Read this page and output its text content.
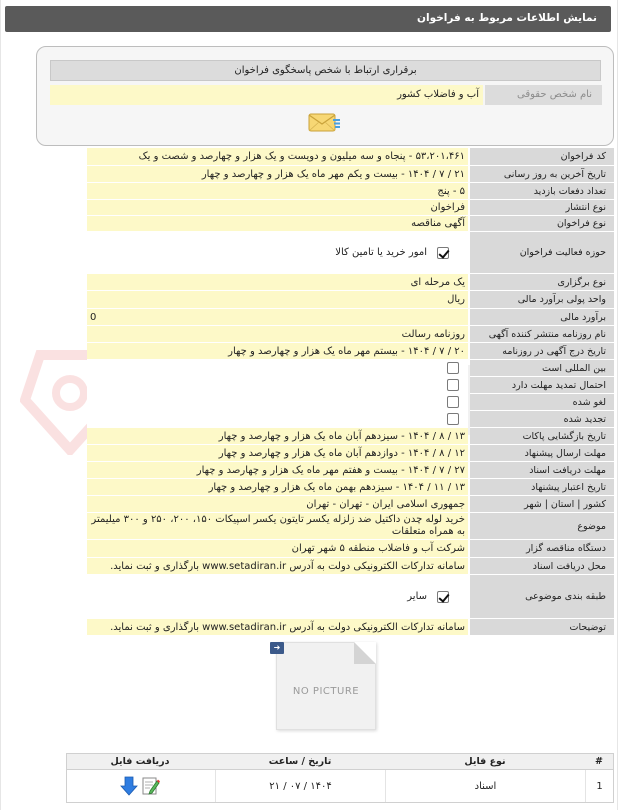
نمایش اطلاعات مربوط به فراخوان
برقراری ارتباط با شخص پاسخگوی فراخوان
نام شخص حقوقی
آب و فاضلاب کشور
کد فراخوان
۵۳،۲۰۱،۴۶۱ - پنجاه و سه میلیون و دویست و یک هزار و چهارصد و شصت و یک
تاریخ آخرین به روز رسانی
۲۱ / ۷ / ۱۴۰۴ - بیست و یکم مهر ماه یک هزار و چهارصد و چهار
تعداد دفعات بازدید
۵ - پنج
نوع انتشار
فراخوان
نوع فراخوان
آگهی مناقصه
حوزه فعالیت فراخوان
امور خرید یا تامین کالا
نوع برگزاری
یک مرحله ای
واحد پولی برآورد مالی
ریال
برآورد مالی
0
نام روزنامه منتشر کننده آگهی
روزنامه رسالت
تاریخ درج آگهی در روزنامه
۲۰ / ۷ / ۱۴۰۴ - بیستم مهر ماه یک هزار و چهارصد و چهار
بین المللی است
احتمال تمدید مهلت دارد
لغو شده
تجدید شده
تاریخ بازگشایی پاکات
۱۳ / ۸ / ۱۴۰۴ - سیزدهم آبان ماه یک هزار و چهارصد و چهار
مهلت ارسال پیشنهاد
۱۲ / ۸ / ۱۴۰۴ - دوازدهم آبان ماه یک هزار و چهارصد و چهار
مهلت دریافت اسناد
۲۷ / ۷ / ۱۴۰۴ - بیست و هفتم مهر ماه یک هزار و چهارصد و چهار
تاریخ اعتبار پیشنهاد
۱۳ / ۱۱ / ۱۴۰۴ - سیزدهم بهمن ماه یک هزار و چهارصد و چهار
کشور | استان | شهر
جمهوری اسلامی ایران - تهران - تهران
موضوع
خرید لوله چدن داکتیل ضد زلزله یکسر تایتون یکسر اسپیکات ۱۵۰، ۲۰۰، ۲۵۰ و ۳۰۰ میلیمتر به همراه متعلقات
دستگاه مناقصه گزار
شرکت آب و فاضلاب منطقه ۵ شهر تهران
محل دریافت اسناد
سامانه تدارکات الکترونیکی دولت به آدرس www.setadiran.ir بارگذاری و ثبت نماید.
طبقه بندی موضوعی
سایر
توضیحات
سامانه تدارکات الکترونیکی دولت به آدرس www.setadiran.ir بارگذاری و ثبت نماید.
➜
NO PICTURE
#
نوع فایل
تاریخ / ساعت
دریافت فایل
1
اسناد
۲۱ / ۰۷ / ۱۴۰۴
